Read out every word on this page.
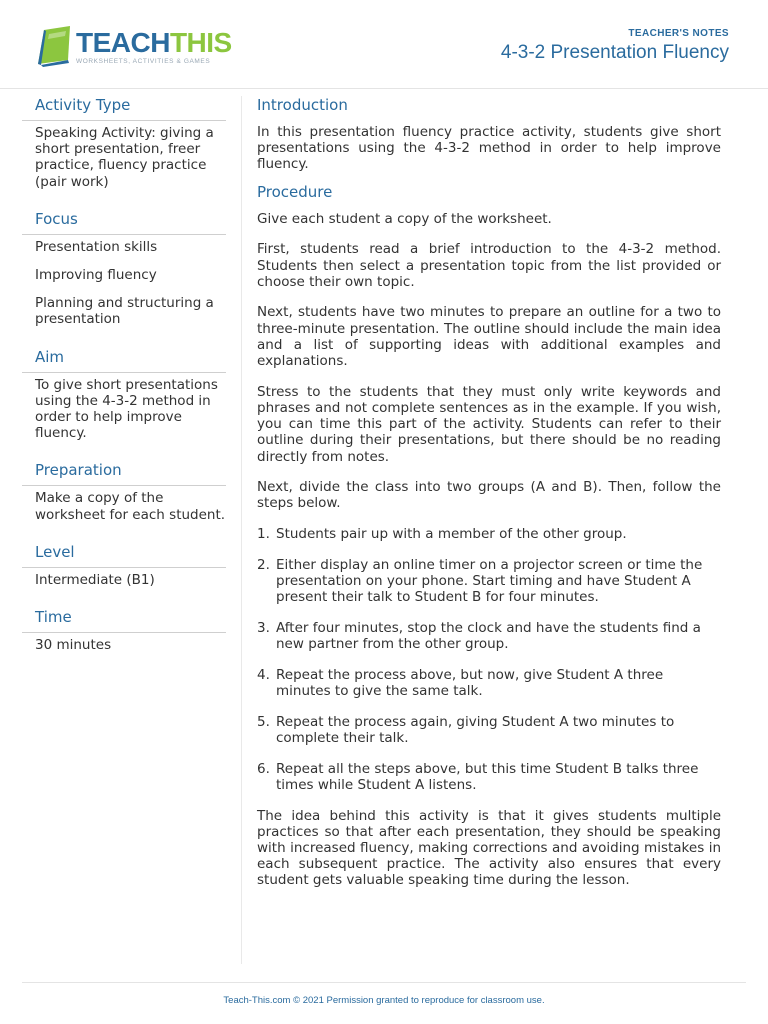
TEACHTHIS
WORKSHEETS, ACTIVITIES & GAMES
TEACHER'S NOTES
4-3-2 Presentation Fluency
Activity Type
Speaking Activity: giving a short presentation, freer practice, fluency practice (pair work)
Focus
Presentation skills
Improving fluency
Planning and structuring a presentation
Aim
To give short presentations using the 4-3-2 method in order to help improve fluency.
Preparation
Make a copy of the worksheet for each student.
Level
Intermediate (B1)
Time
30 minutes
Introduction

In this presentation fluency practice activity, students give short presentations using the 4-3-2 method in order to help improve fluency.

Procedure

Give each student a copy of the worksheet.

First, students read a brief introduction to the 4-3-2 method. Students then select a presentation topic from the list provided or choose their own topic.

Next, students have two minutes to prepare an outline for a two to three-minute presentation. The outline should include the main idea and a list of supporting ideas with additional examples and explanations.

Stress to the students that they must only write keywords and phrases and not complete sentences as in the example. If you wish, you can time this part of the activity. Students can refer to their outline during their presentations, but there should be no reading directly from notes.

Next, divide the class into two groups (A and B). Then, follow the steps below.

1. Students pair up with a member of the other group.
2. Either display an online timer on a projector screen or time the presentation on your phone. Start timing and have Student A present their talk to Student B for four minutes.
3. After four minutes, stop the clock and have the students find a new partner from the other group.
4. Repeat the process above, but now, give Student A three minutes to give the same talk.
5. Repeat the process again, giving Student A two minutes to complete their talk.
6. Repeat all the steps above, but this time Student B talks three times while Student A listens.

The idea behind this activity is that it gives students multiple practices so that after each presentation, they should be speaking with increased fluency, making corrections and avoiding mistakes in each subsequent practice. The activity also ensures that every student gets valuable speaking time during the lesson.

Teach-This.com © 2021 Permission granted to reproduce for classroom use.
